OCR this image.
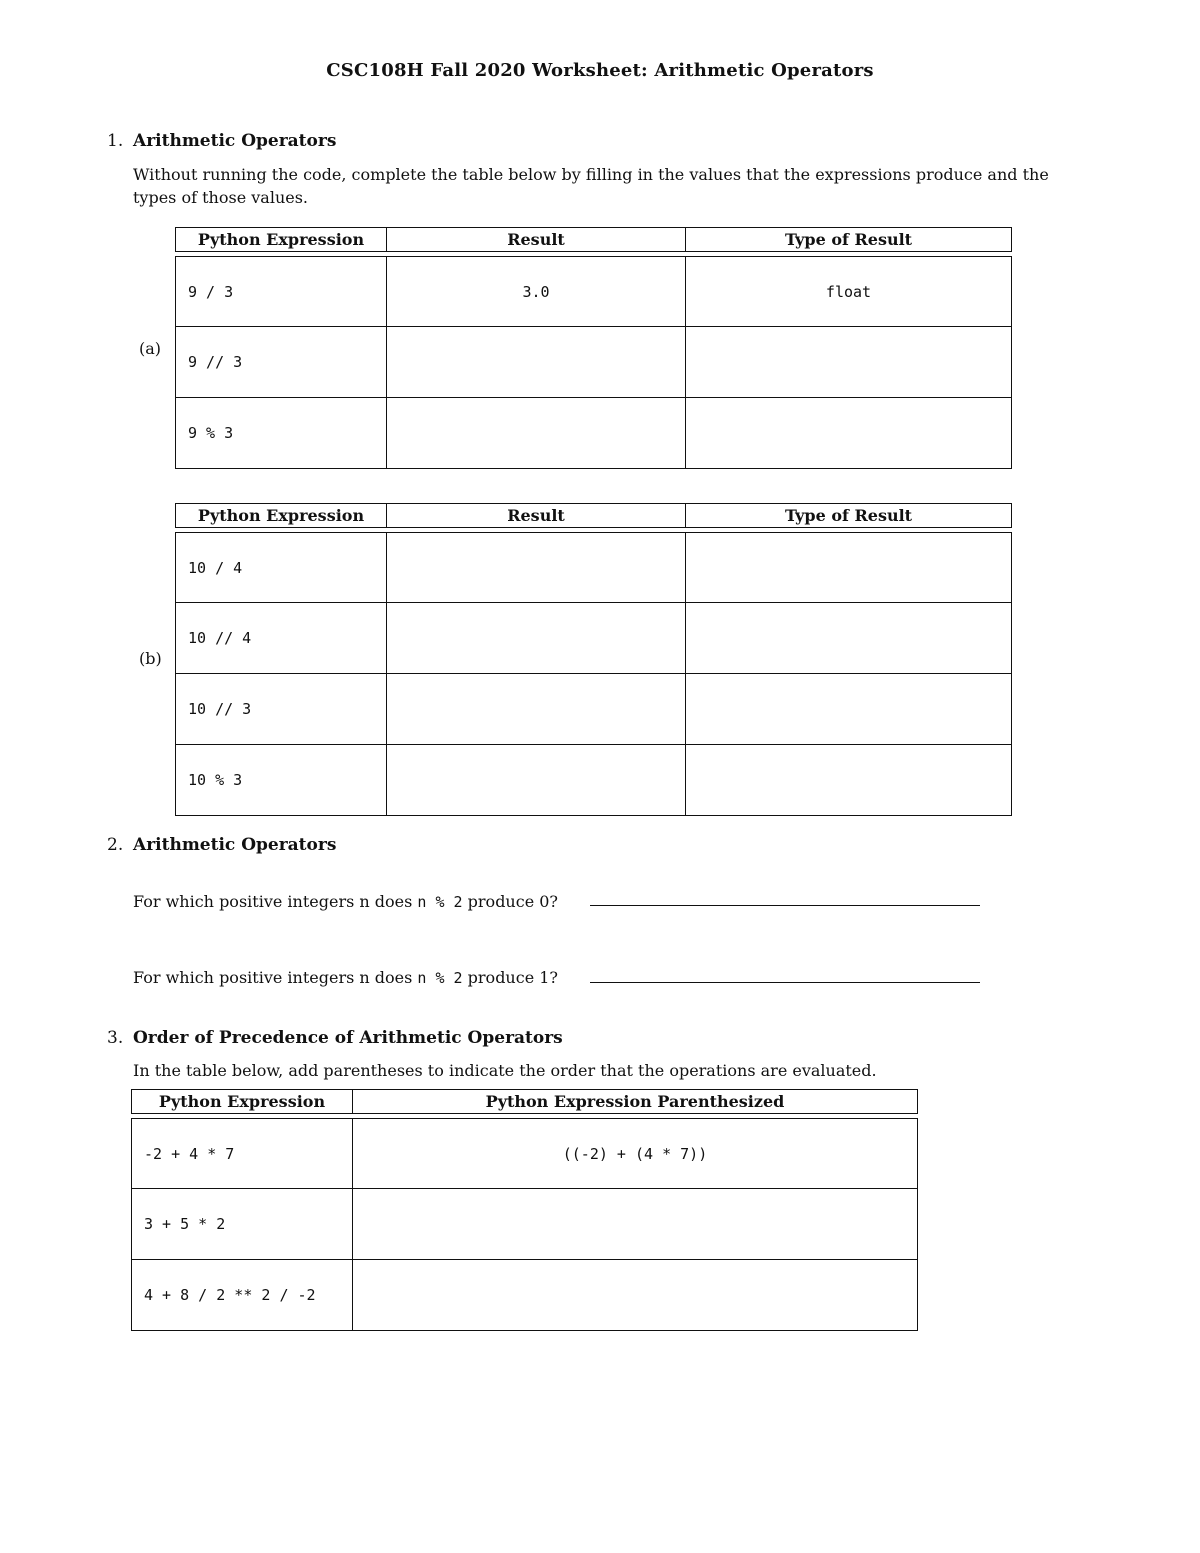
CSC108H Fall 2020 Worksheet: Arithmetic Operators
1. Arithmetic Operators
Without running the code, complete the table below by filling in the values that the expressions produce and the
types of those values.
(a)
Python Expression	Result	Type of Result

9 / 3	3.0	float
9 // 3		
9 % 3		
(b)
Python Expression	Result	Type of Result

10 / 4		
10 // 4		
10 // 3		
10 % 3		
2. Arithmetic Operators
For which positive integers n does n % 2 produce 0?
For which positive integers n does n % 2 produce 1?
3. Order of Precedence of Arithmetic Operators
In the table below, add parentheses to indicate the order that the operations are evaluated.
Python Expression	Python Expression Parenthesized

-2 + 4 * 7	((-2) + (4 * 7))
3 + 5 * 2	
4 + 8 / 2 ** 2 / -2	
